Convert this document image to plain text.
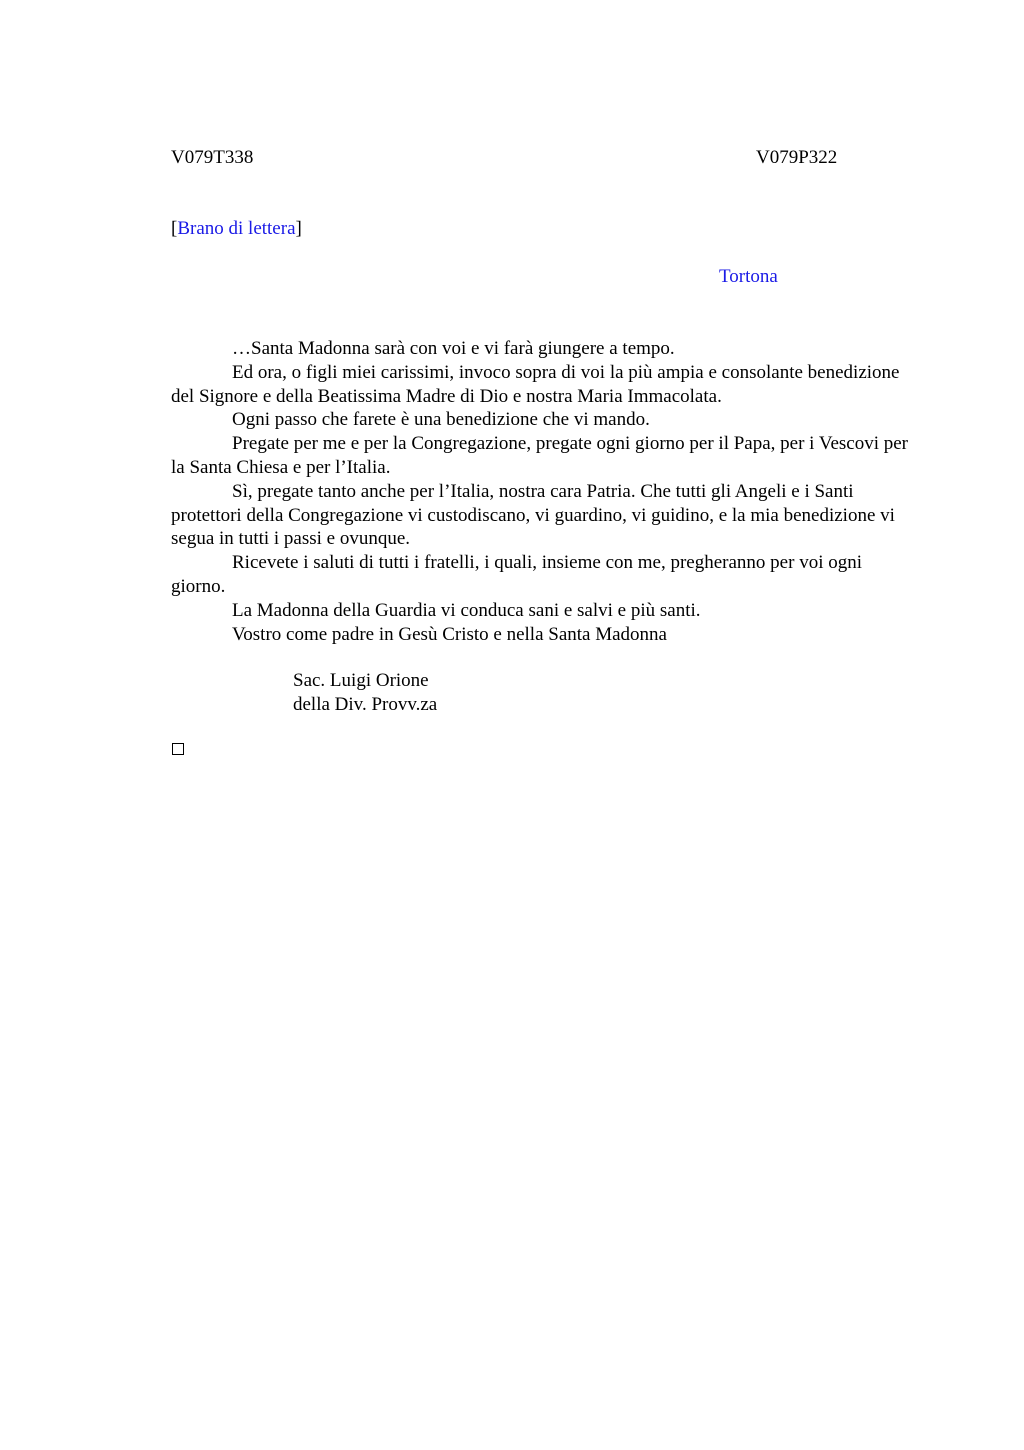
V079T338	V079P322
[Brano di lettera]
Tortona

…Santa Madonna sarà con voi e vi farà giungere a tempo.

Ed ora, o figli miei carissimi, invoco sopra di voi la più ampia e consolante benedizione del Signore e della Beatissima Madre di Dio e nostra Maria Immacolata.

Ogni passo che farete è una benedizione che vi mando.

Pregate per me e per la Congregazione, pregate ogni giorno per il Papa, per i Vescovi per la Santa Chiesa e per l’Italia.

Sì, pregate tanto anche per l’Italia, nostra cara Patria. Che tutti gli Angeli e i Santi protettori della Congregazione vi custodiscano, vi guardino, vi guidino, e la mia benedizione vi segua in tutti i passi e ovunque.

Ricevete i saluti di tutti i fratelli, i quali, insieme con me, pregheranno per voi ogni giorno.

La Madonna della Guardia vi conduca sani e salvi e più santi.

Vostro come padre in Gesù Cristo e nella Santa Madonna

Sac. Luigi Orione
della Div. Provv.za
